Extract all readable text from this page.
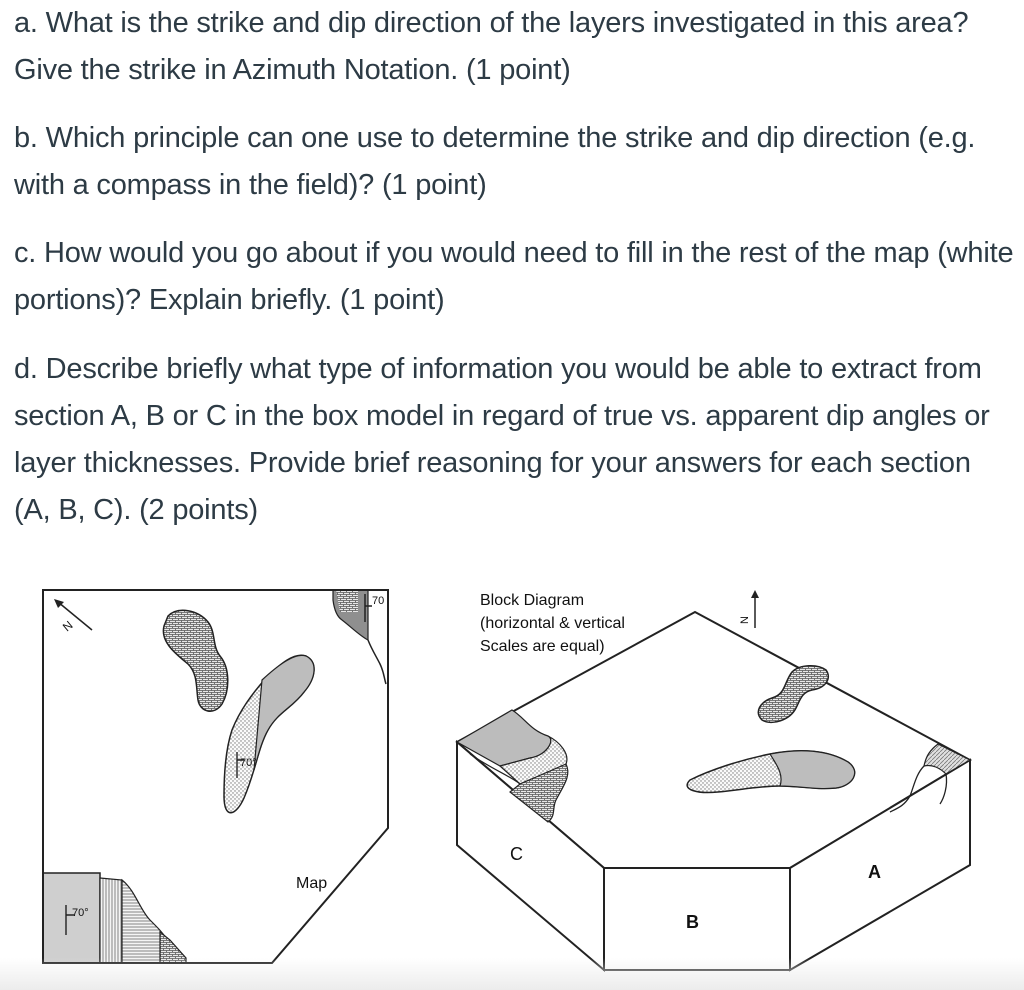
a. What is the strike and dip direction of the layers investigated in this area? Give the strike in Azimuth Notation. (1 point)

b. Which principle can one use to determine the strike and dip direction (e.g. with a compass in the field)? (1 point)

c. How would you go about if you would need to fill in the rest of the map (white portions)? Explain briefly. (1 point)

d. Describe briefly what type of information you would be able to extract from section A, B or C in the box model in regard of true vs. apparent dip angles or layer thicknesses. Provide brief reasoning for your answers for each section (A, B, C). (2 points)

N
70
70°
70°
Map
N
Block Diagram
(horizontal & vertical
Scales are equal)
C
B
A
